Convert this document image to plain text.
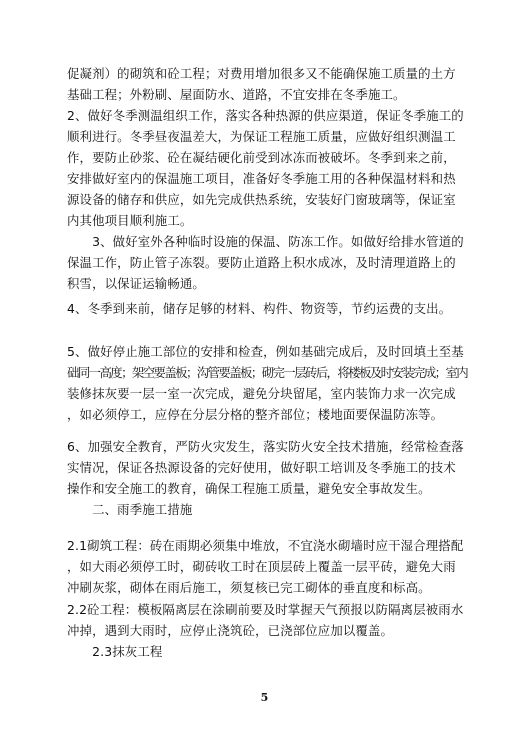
促凝剂）的砌筑和砼工程；对费用增加很多又不能确保施工质量的土方
基础工程；外粉刷、屋面防水、道路，不宜安排在冬季施工。
2、做好冬季测温组织工作，落实各种热源的供应渠道，保证冬季施工的
顺利进行。冬季昼夜温差大，为保证工程施工质量，应做好组织测温工
作，要防止砂浆、砼在凝结硬化前受到冰冻而被破坏。冬季到来之前，
安排做好室内的保温施工项目，准备好冬季施工用的各种保温材料和热
源设备的储存和供应，如先完成供热系统，安装好门窗玻璃等，保证室
内其他项目顺利施工。
　　3、做好室外各种临时设施的保温、防冻工作。如做好给排水管道的
保温工作，防止管子冻裂。要防止道路上积水成冰，及时清理道路上的
积雪，以保证运输畅通。
4、冬季到来前，储存足够的材料、构件、物资等，节约运费的支出。
5、做好停止施工部位的安排和检查，例如基础完成后，及时回填土至基
础同一高度；架空要盖板；沟管要盖板；砌完一层砖后，将楼板及时安装完成；室内
装修抹灰要一层一室一次完成，避免分块留尾，室内装饰力求一次完成
，如必须停工，应停在分层分格的整齐部位；楼地面要保温防冻等。
6、加强安全教育，严防火灾发生，落实防火安全技术措施，经常检查落
实情况，保证各热源设备的完好使用，做好职工培训及冬季施工的技术
操作和安全施工的教育，确保工程施工质量，避免安全事故发生。
　　二、雨季施工措施
2.1砌筑工程：砖在雨期必须集中堆放，不宜浇水砌墙时应干湿合理搭配
，如大雨必须停工时，砌砖收工时在顶层砖上覆盖一层平砖，避免大雨
冲刷灰浆，砌体在雨后施工，须复核已完工砌体的垂直度和标高。
2.2砼工程：模板隔离层在涂刷前要及时掌握天气预报以防隔离层被雨水
冲掉，遇到大雨时，应停止浇筑砼，已浇部位应加以覆盖。
　　2.3抹灰工程
5
